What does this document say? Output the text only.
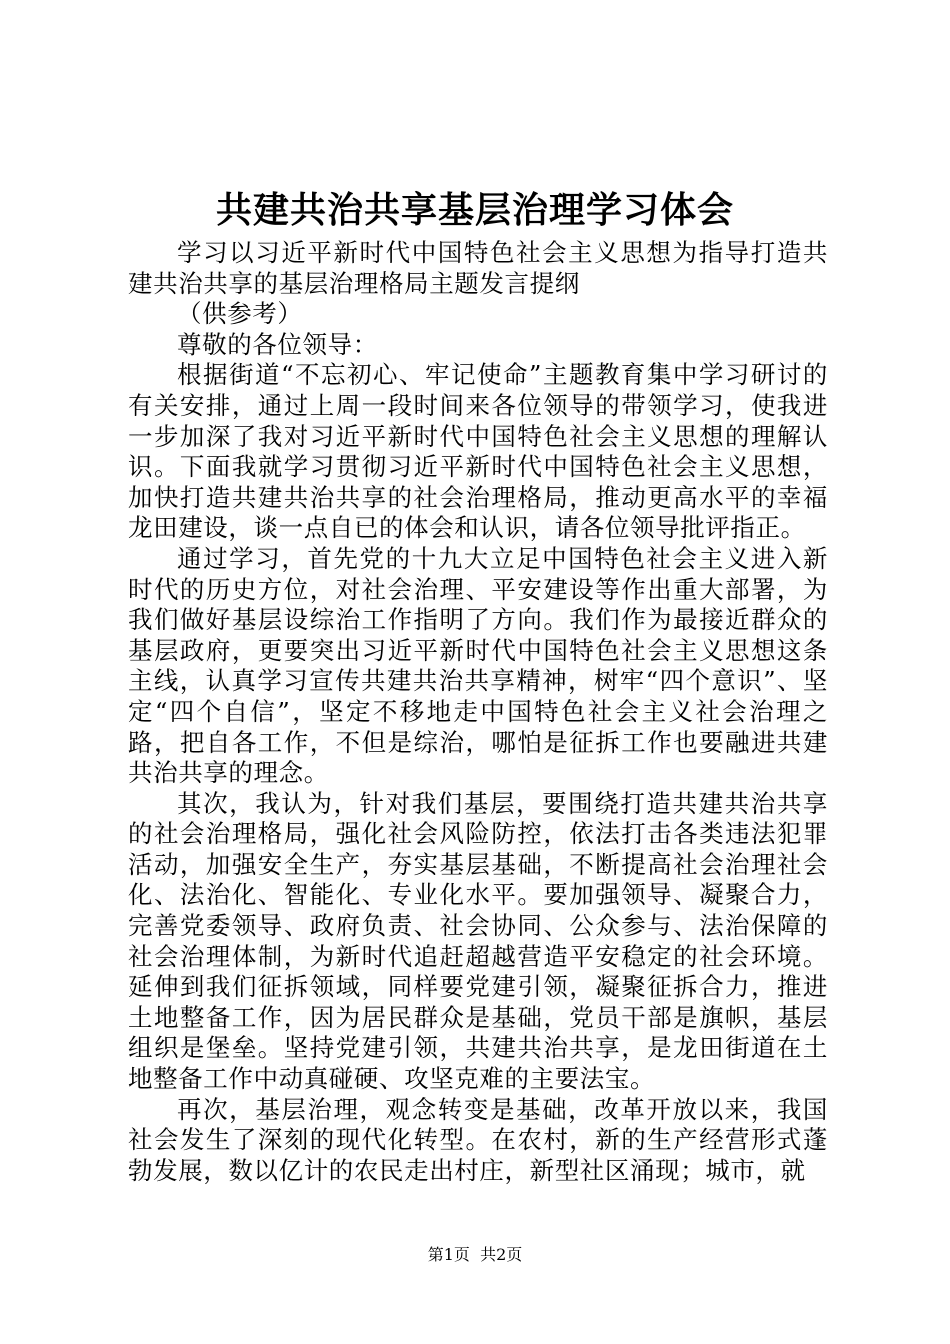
共建共治共享基层治理学习体会

学习以习近平新时代中国特色社会主义思想为指导打造共建共治共享的基层治理格局主题发言提纲

（供参考）

尊敬的各位领导：

根据街道“不忘初心、牢记使命”主题教育集中学习研讨的有关安排，通过上周一段时间来各位领导的带领学习，使我进一步加深了我对习近平新时代中国特色社会主义思想的理解认识。下面我就学习贯彻习近平新时代中国特色社会主义思想，加快打造共建共治共享的社会治理格局，推动更高水平的幸福龙田建设，谈一点自已的体会和认识，请各位领导批评指正。

通过学习，首先党的十九大立足中国特色社会主义进入新时代的历史方位，对社会治理、平安建设等作出重大部署，为我们做好基层设综治工作指明了方向。我们作为最接近群众的基层政府，更要突出习近平新时代中国特色社会主义思想这条主线，认真学习宣传共建共治共享精神，树牢“四个意识”、坚定“四个自信”，坚定不移地走中国特色社会主义社会治理之路，把自各工作，不但是综治，哪怕是征拆工作也要融进共建共治共享的理念。

其次，我认为，针对我们基层，要围绕打造共建共治共享的社会治理格局，强化社会风险防控，依法打击各类违法犯罪活动，加强安全生产，夯实基层基础，不断提高社会治理社会化、法治化、智能化、专业化水平。要加强领导、凝聚合力，完善党委领导、政府负责、社会协同、公众参与、法治保障的社会治理体制，为新时代追赶超越营造平安稳定的社会环境。延伸到我们征拆领域，同样要党建引领，凝聚征拆合力，推进土地整备工作，因为居民群众是基础，党员干部是旗帜，基层组织是堡垒。坚持党建引领，共建共治共享，是龙田街道在土地整备工作中动真碰硬、攻坚克难的主要法宝。

再次，基层治理，观念转变是基础，改革开放以来，我国社会发生了深刻的现代化转型。在农村，新的生产经营形式蓬勃发展，数以亿计的农民走出村庄，新型社区涌现；城市，就

第1页 共2页
